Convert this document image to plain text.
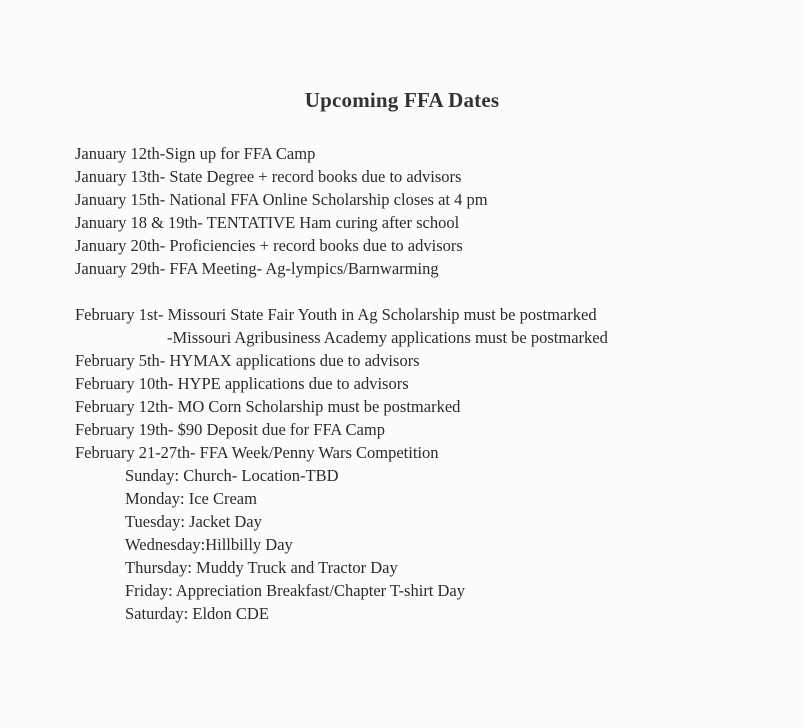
Upcoming FFA Dates
January 12th-Sign up for FFA Camp
January 13th- State Degree + record books due to advisors
January 15th- National FFA Online Scholarship closes at 4 pm
January 18 & 19th- TENTATIVE Ham curing after school
January 20th- Proficiencies + record books due to advisors
January 29th- FFA Meeting- Ag-lympics/Barnwarming
February 1st- Missouri State Fair Youth in Ag Scholarship must be postmarked
-Missouri Agribusiness Academy applications must be postmarked
February 5th- HYMAX applications due to advisors
February 10th- HYPE applications due to advisors
February 12th- MO Corn Scholarship must be postmarked
February 19th- $90 Deposit due for FFA Camp
February 21-27th- FFA Week/Penny Wars Competition
Sunday: Church- Location-TBD
Monday: Ice Cream
Tuesday: Jacket Day
Wednesday:Hillbilly Day
Thursday: Muddy Truck and Tractor Day
Friday: Appreciation Breakfast/Chapter T-shirt Day
Saturday: Eldon CDE
